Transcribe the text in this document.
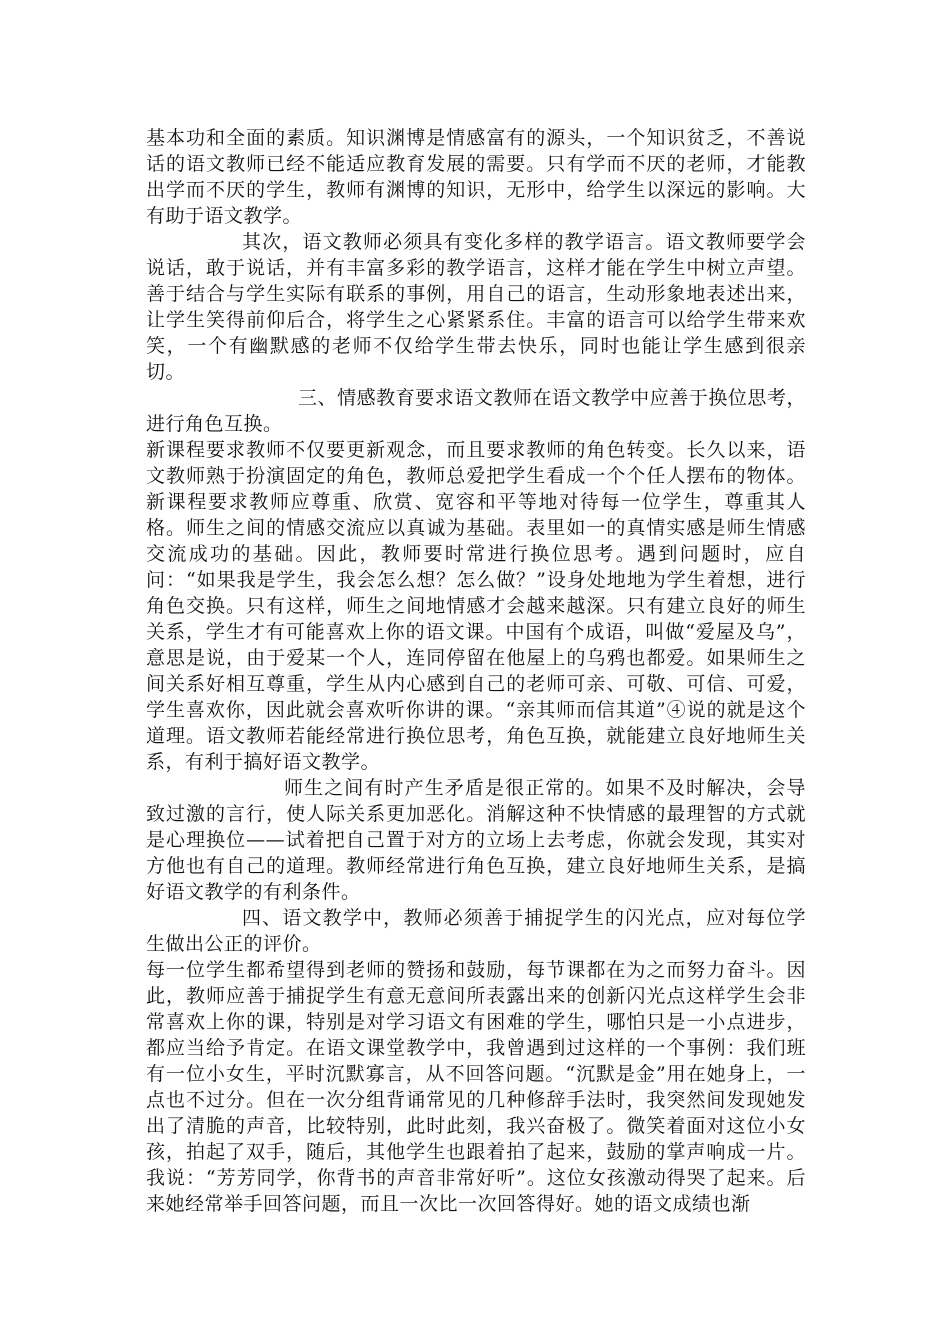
基本功和全面的素质。知识渊博是情感富有的源头，一个知识贫乏，不善说话的语文教师已经不能适应教育发展的需要。只有学而不厌的老师，才能教出学而不厌的学生，教师有渊博的知识，无形中，给学生以深远的影响。大有助于语文教学。

其次，语文教师必须具有变化多样的教学语言。语文教师要学会说话，敢于说话，并有丰富多彩的教学语言，这样才能在学生中树立声望。善于结合与学生实际有联系的事例，用自己的语言，生动形象地表述出来，让学生笑得前仰后合，将学生之心紧紧系住。丰富的语言可以给学生带来欢笑，一个有幽默感的老师不仅给学生带去快乐，同时也能让学生感到很亲切。

三、情感教育要求语文教师在语文教学中应善于换位思考，进行角色互换。

新课程要求教师不仅要更新观念，而且要求教师的角色转变。长久以来，语文教师熟于扮演固定的角色，教师总爱把学生看成一个个任人摆布的物体。新课程要求教师应尊重、欣赏、宽容和平等地对待每一位学生，尊重其人格。师生之间的情感交流应以真诚为基础。表里如一的真情实感是师生情感交流成功的基础。因此，教师要时常进行换位思考。遇到问题时，应自问：“如果我是学生，我会怎么想？怎么做？”设身处地地为学生着想，进行角色交换。只有这样，师生之间地情感才会越来越深。只有建立良好的师生关系，学生才有可能喜欢上你的语文课。中国有个成语，叫做“爱屋及乌”，意思是说，由于爱某一个人，连同停留在他屋上的乌鸦也都爱。如果师生之间关系好相互尊重，学生从内心感到自己的老师可亲、可敬、可信、可爱，学生喜欢你，因此就会喜欢听你讲的课。“亲其师而信其道”④说的就是这个道理。语文教师若能经常进行换位思考，角色互换，就能建立良好地师生关系，有利于搞好语文教学。

师生之间有时产生矛盾是很正常的。如果不及时解决，会导致过激的言行，使人际关系更加恶化。消解这种不快情感的最理智的方式就是心理换位——试着把自己置于对方的立场上去考虑，你就会发现，其实对方他也有自己的道理。教师经常进行角色互换，建立良好地师生关系，是搞好语文教学的有利条件。

四、语文教学中，教师必须善于捕捉学生的闪光点，应对每位学生做出公正的评价。

每一位学生都希望得到老师的赞扬和鼓励，每节课都在为之而努力奋斗。因此，教师应善于捕捉学生有意无意间所表露出来的创新闪光点这样学生会非常喜欢上你的课，特别是对学习语文有困难的学生，哪怕只是一小点进步，都应当给予肯定。在语文课堂教学中，我曾遇到过这样的一个事例：我们班有一位小女生，平时沉默寡言，从不回答问题。“沉默是金”用在她身上，一点也不过分。但在一次分组背诵常见的几种修辞手法时，我突然间发现她发出了清脆的声音，比较特别，此时此刻，我兴奋极了。微笑着面对这位小女孩，拍起了双手，随后，其他学生也跟着拍了起来，鼓励的掌声响成一片。我说：“芳芳同学，你背书的声音非常好听”。这位女孩激动得哭了起来。后来她经常举手回答问题，而且一次比一次回答得好。她的语文成绩也渐
